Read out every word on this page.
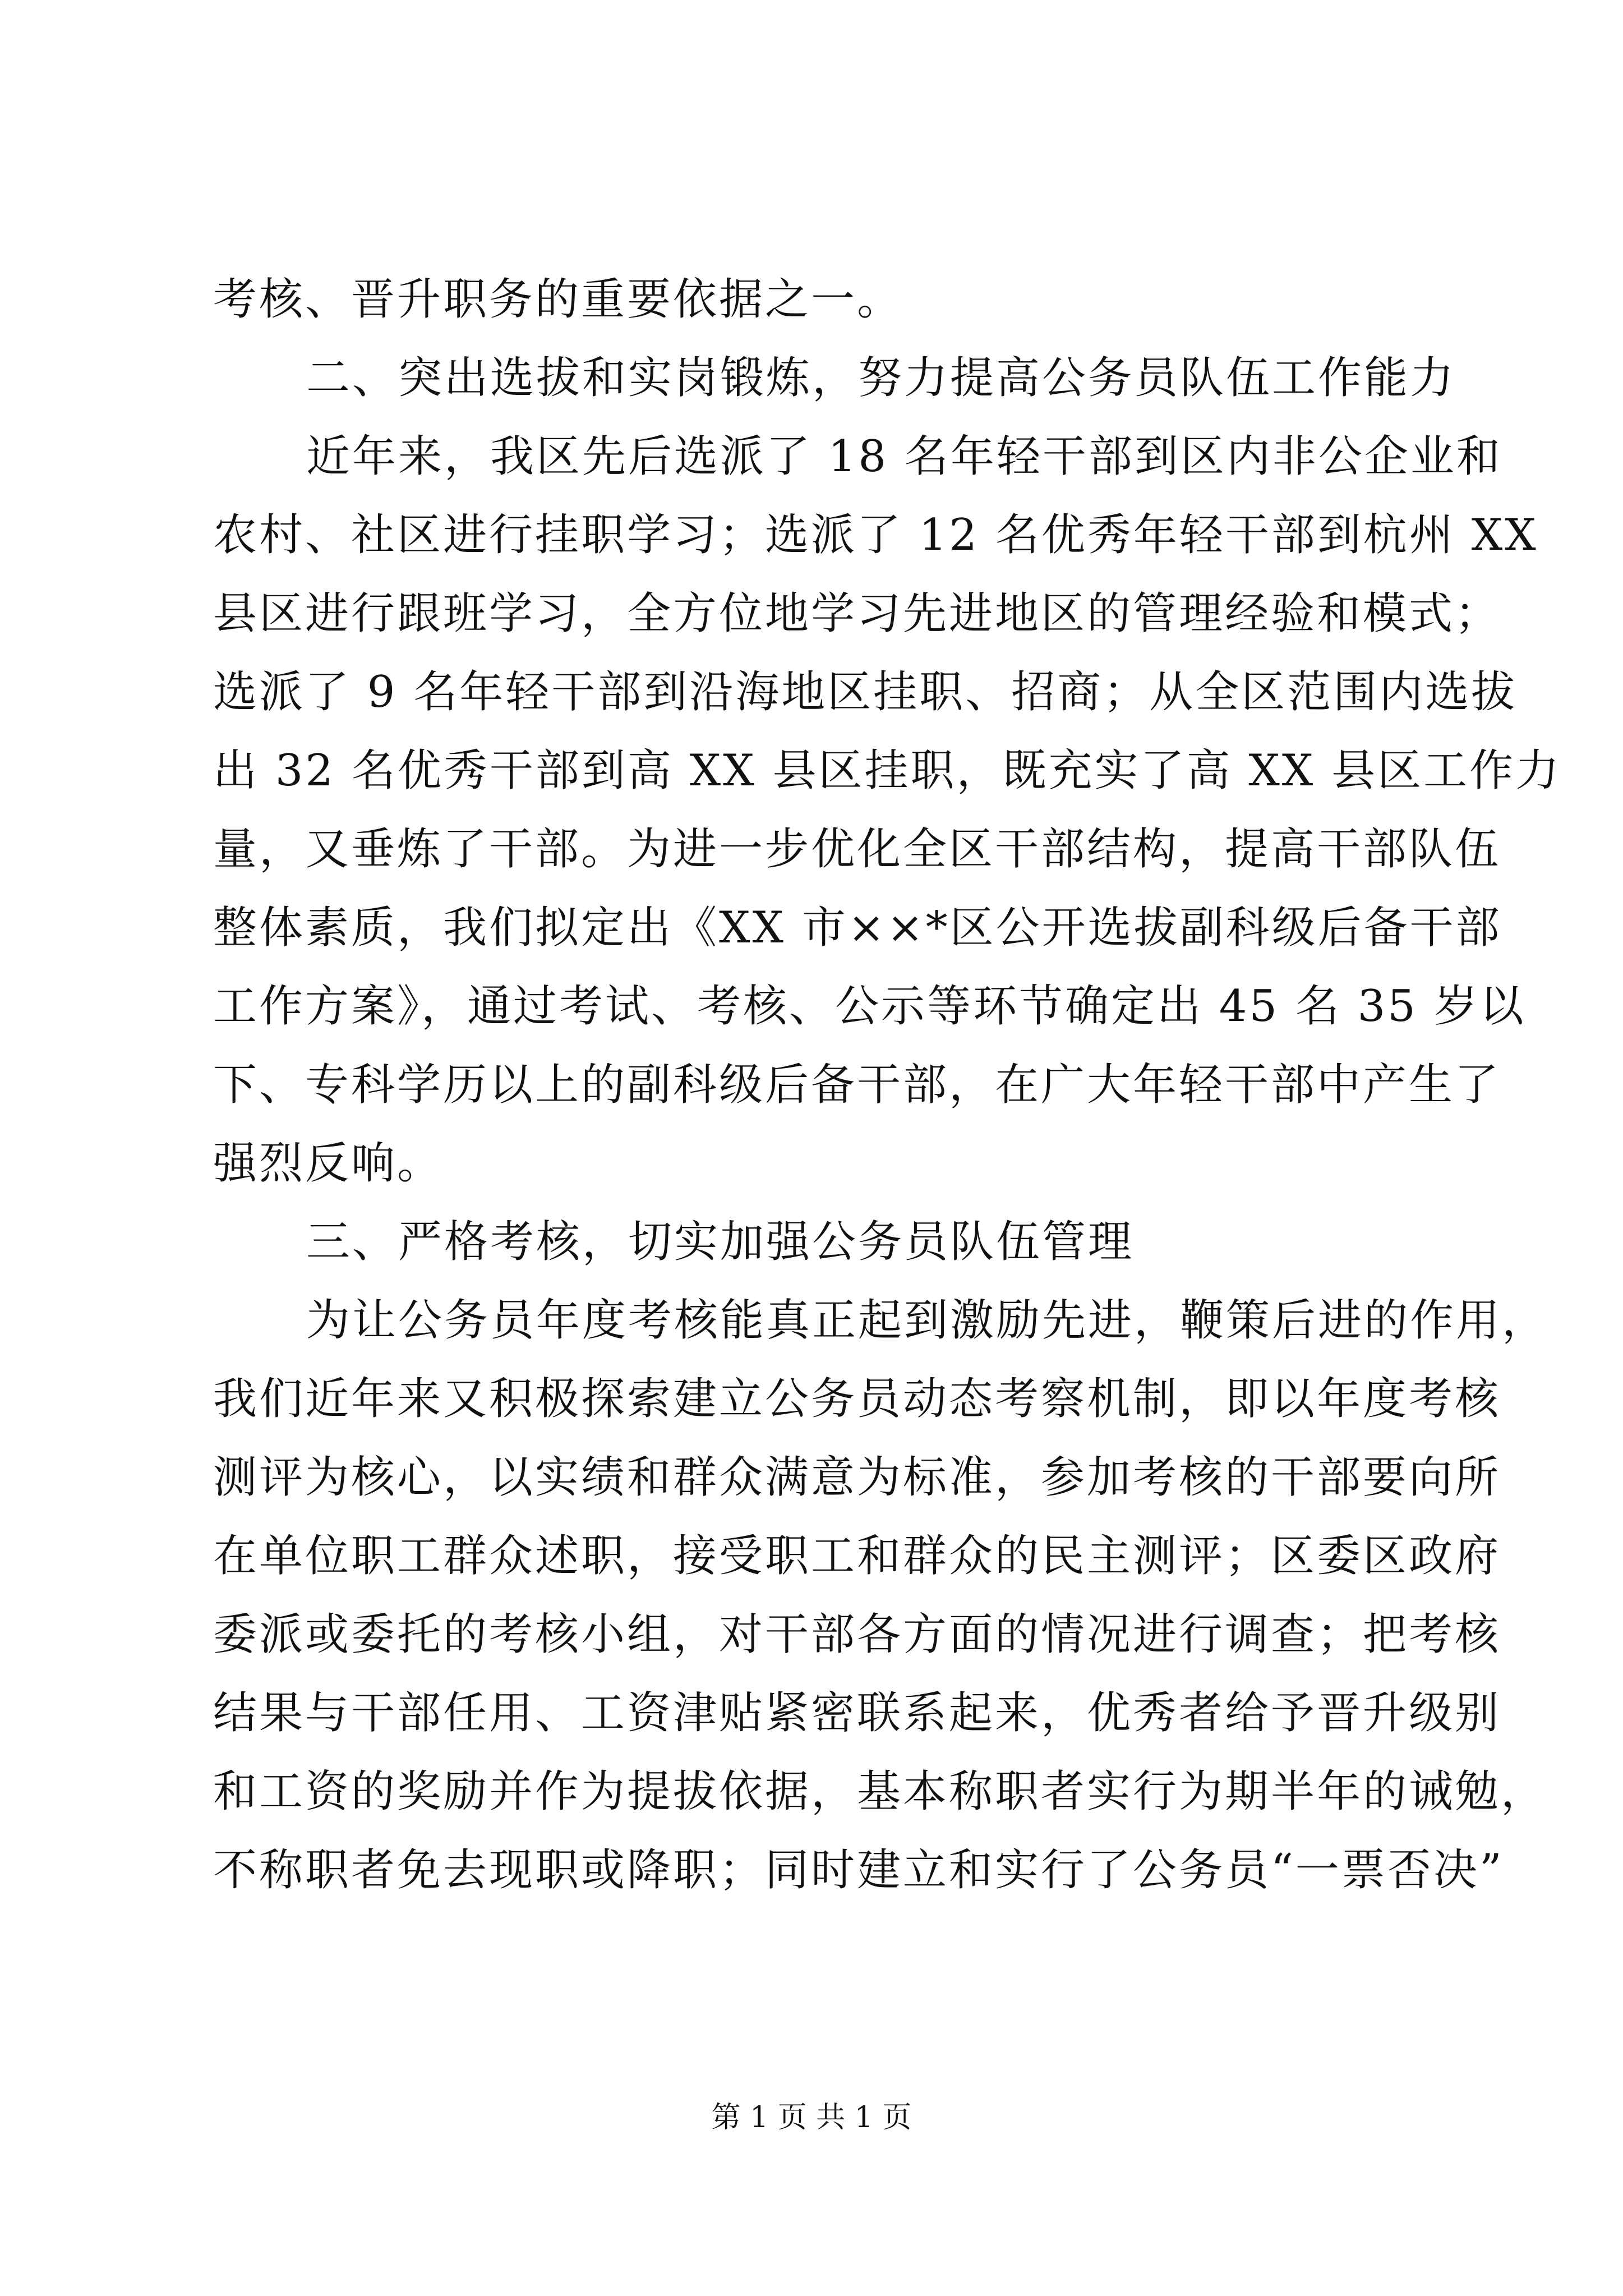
考核、晋升职务的重要依据之一。

二、突出选拔和实岗锻炼，努力提高公务员队伍工作能力

近年来，我区先后选派了 18 名年轻干部到区内非公企业和

农村、社区进行挂职学习；选派了 12 名优秀年轻干部到杭州 XX

县区进行跟班学习，全方位地学习先进地区的管理经验和模式；

选派了 9 名年轻干部到沿海地区挂职、招商；从全区范围内选拔

出 32 名优秀干部到高 XX 县区挂职，既充实了高 XX 县区工作力

量，又垂炼了干部。为进一步优化全区干部结构，提高干部队伍

整体素质，我们拟定出《XX 市××*区公开选拔副科级后备干部

工作方案》，通过考试、考核、公示等环节确定出 45 名 35 岁以

下、专科学历以上的副科级后备干部，在广大年轻干部中产生了

强烈反响。

三、严格考核，切实加强公务员队伍管理

为让公务员年度考核能真正起到激励先进，鞭策后进的作用，

我们近年来又积极探索建立公务员动态考察机制，即以年度考核

测评为核心，以实绩和群众满意为标准，参加考核的干部要向所

在单位职工群众述职，接受职工和群众的民主测评；区委区政府

委派或委托的考核小组，对干部各方面的情况进行调查；把考核

结果与干部任用、工资津贴紧密联系起来，优秀者给予晋升级别

和工资的奖励并作为提拔依据，基本称职者实行为期半年的诫勉，

不称职者免去现职或降职；同时建立和实行了公务员“一票否决”

第 1 页 共 1 页
